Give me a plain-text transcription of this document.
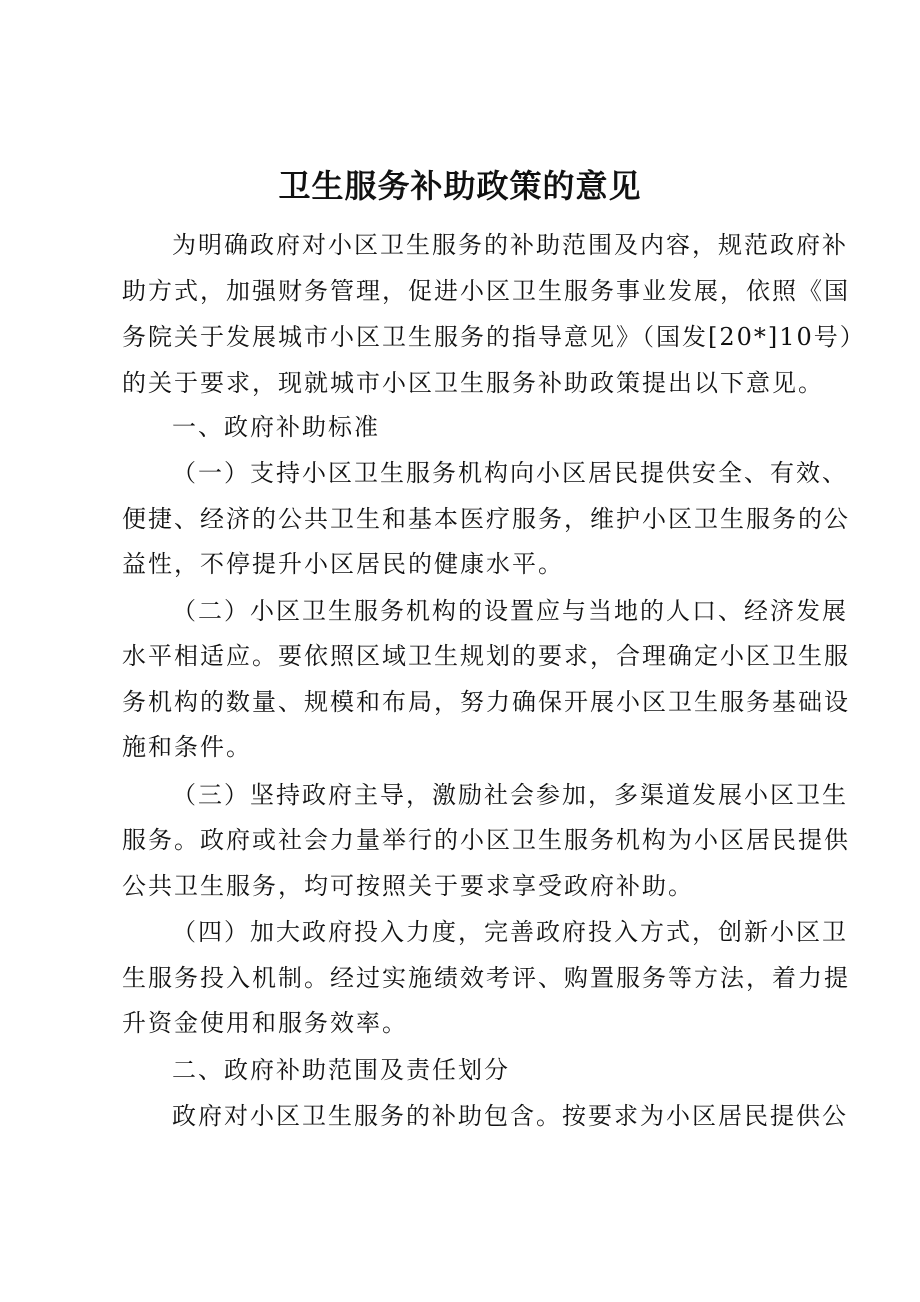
卫生服务补助政策的意见

为明确政府对小区卫生服务的补助范围及内容，规范政府补

助方式，加强财务管理，促进小区卫生服务事业发展，依照《国

务院关于发展城市小区卫生服务的指导意见》（国发[20*]10号）

的关于要求，现就城市小区卫生服务补助政策提出以下意见。

一、政府补助标准

（一）支持小区卫生服务机构向小区居民提供安全、有效、

便捷、经济的公共卫生和基本医疗服务，维护小区卫生服务的公

益性，不停提升小区居民的健康水平。

（二）小区卫生服务机构的设置应与当地的人口、经济发展

水平相适应。要依照区域卫生规划的要求，合理确定小区卫生服

务机构的数量、规模和布局，努力确保开展小区卫生服务基础设

施和条件。

（三）坚持政府主导，激励社会参加，多渠道发展小区卫生

服务。政府或社会力量举行的小区卫生服务机构为小区居民提供

公共卫生服务，均可按照关于要求享受政府补助。

（四）加大政府投入力度，完善政府投入方式，创新小区卫

生服务投入机制。经过实施绩效考评、购置服务等方法，着力提

升资金使用和服务效率。

二、政府补助范围及责任划分

政府对小区卫生服务的补助包含。按要求为小区居民提供公
